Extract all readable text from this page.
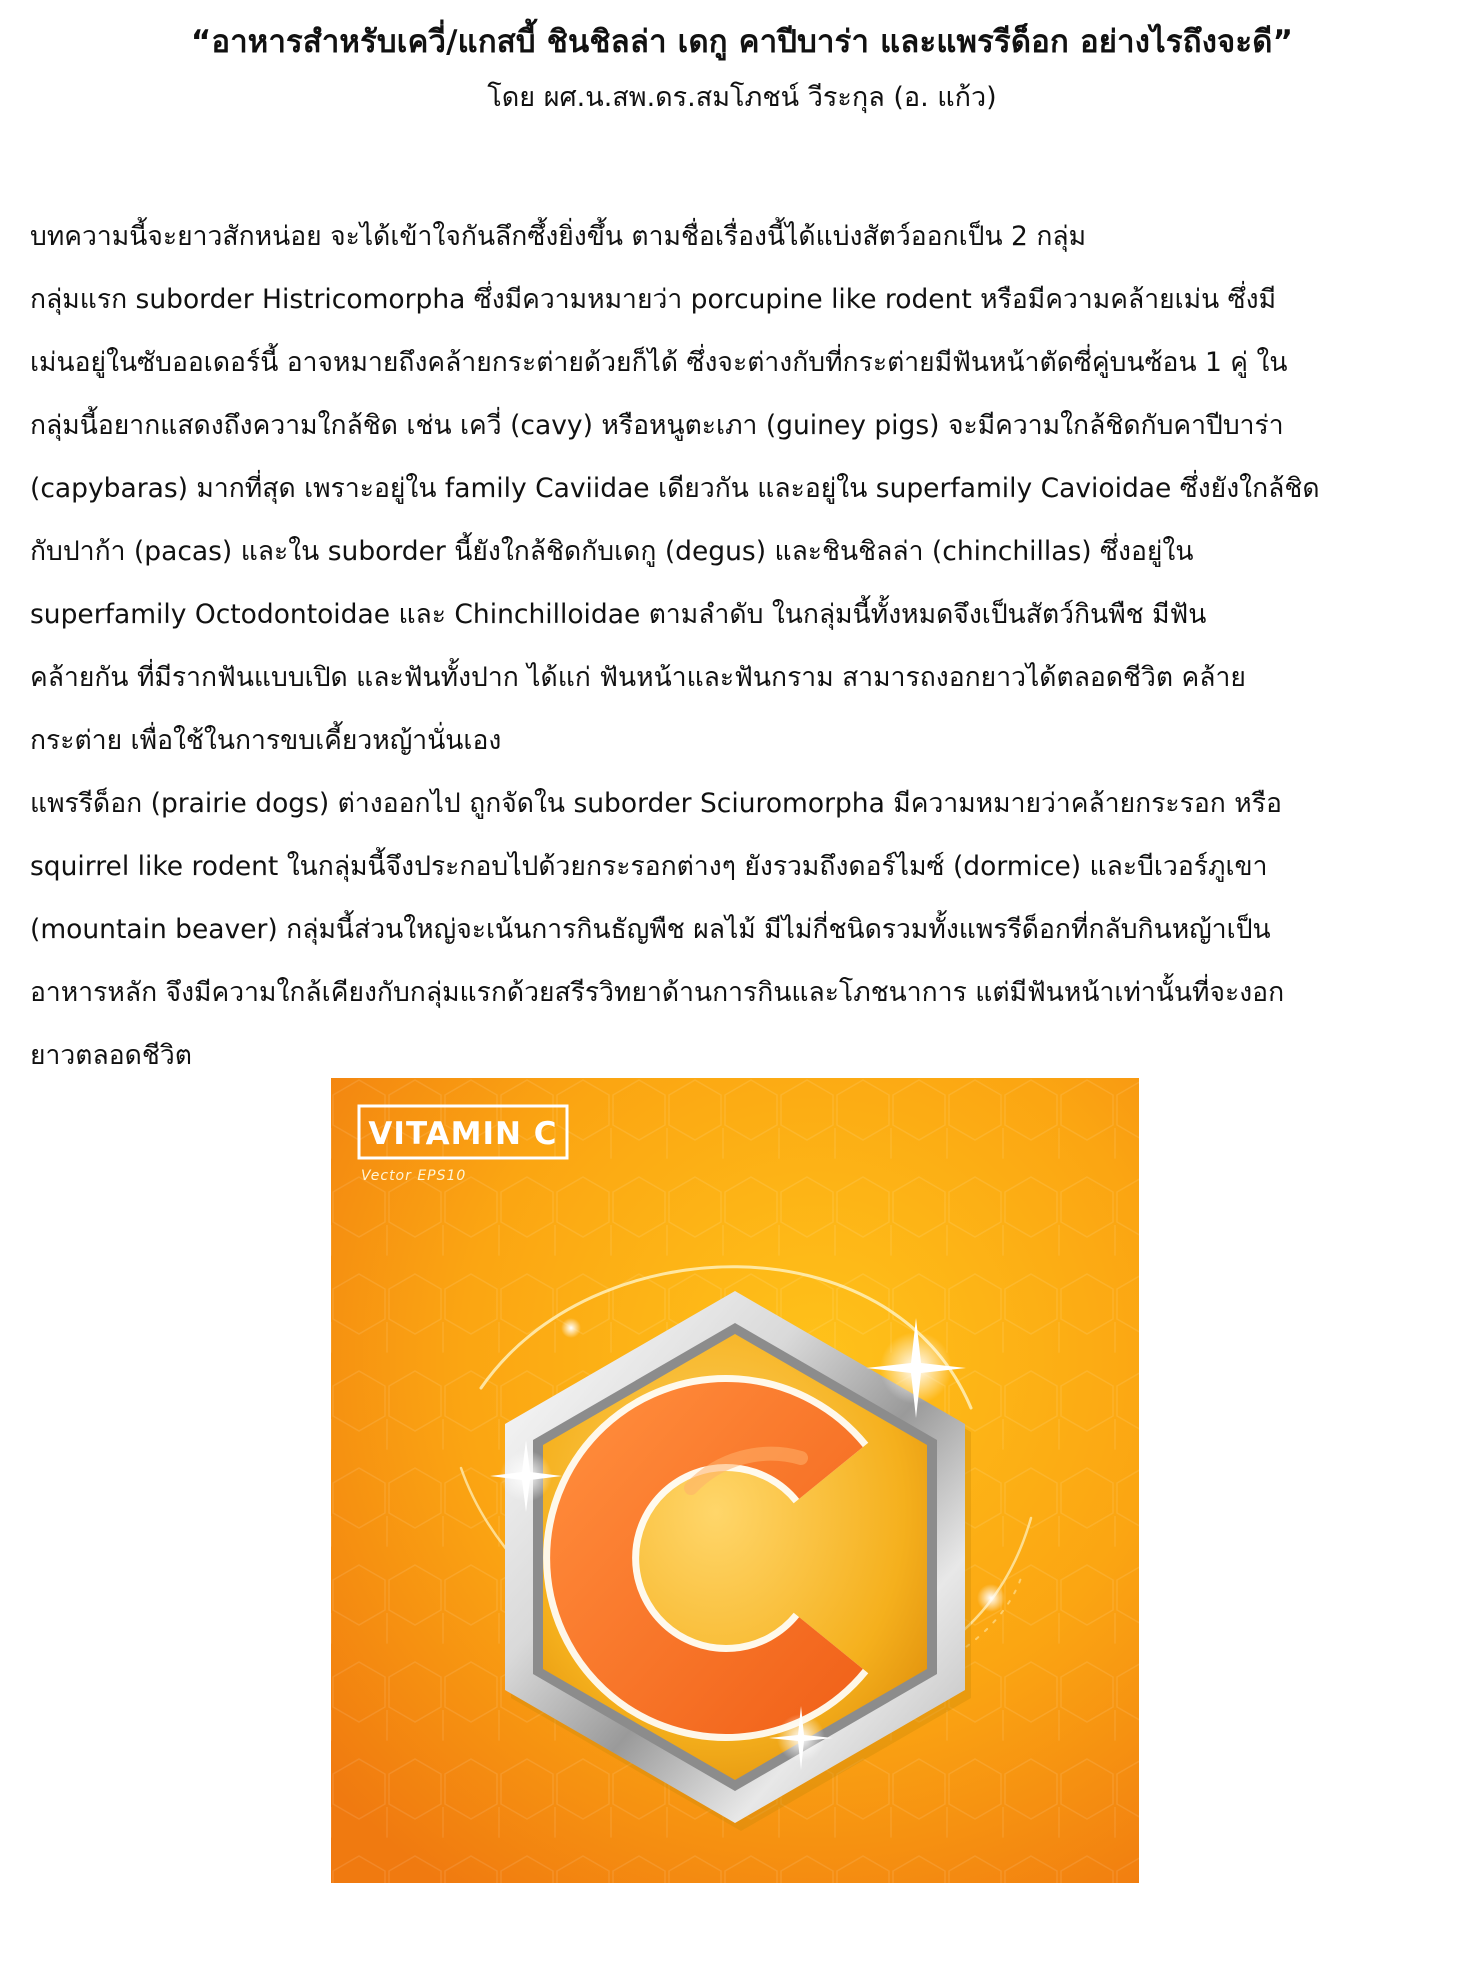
“อาหารสำหรับเควี่/แกสบี้ ชินชิลล่า เดกู คาปีบาร่า และแพรรีด็อก อย่างไรถึงจะดี”
โดย ผศ.น.สพ.ดร.สมโภชน์ วีระกุล (อ. แก้ว)
บทความนี้จะยาวสักหน่อย จะได้เข้าใจกันลึกซึ้งยิ่งขึ้น ตามชื่อเรื่องนี้ได้แบ่งสัตว์ออกเป็น 2 กลุ่ม
กลุ่มแรก suborder Histricomorpha ซึ่งมีความหมายว่า porcupine like rodent หรือมีความคล้ายเม่น ซึ่งมี
เม่นอยู่ในซับออเดอร์นี้ อาจหมายถึงคล้ายกระต่ายด้วยก็ได้ ซึ่งจะต่างกับที่กระต่ายมีฟันหน้าตัดซี่คู่บนซ้อน 1 คู่ ใน
กลุ่มนี้อยากแสดงถึงความใกล้ชิด เช่น เควี่ (cavy) หรือหนูตะเภา (guiney pigs) จะมีความใกล้ชิดกับคาปีบาร่า
(capybaras) มากที่สุด เพราะอยู่ใน family Caviidae เดียวกัน และอยู่ใน superfamily Cavioidae ซึ่งยังใกล้ชิด
กับปาก้า (pacas) และใน suborder นี้ยังใกล้ชิดกับเดกู (degus) และชินชิลล่า (chinchillas) ซึ่งอยู่ใน
superfamily Octodontoidae และ Chinchilloidae ตามลำดับ ในกลุ่มนี้ทั้งหมดจึงเป็นสัตว์กินพืช มีฟัน
คล้ายกัน ที่มีรากฟันแบบเปิด และฟันทั้งปาก ได้แก่ ฟันหน้าและฟันกราม สามารถงอกยาวได้ตลอดชีวิต คล้าย
กระต่าย เพื่อใช้ในการขบเคี้ยวหญ้านั่นเอง
แพรรีด็อก (prairie dogs) ต่างออกไป ถูกจัดใน suborder Sciuromorpha มีความหมายว่าคล้ายกระรอก หรือ
squirrel like rodent ในกลุ่มนี้จึงประกอบไปด้วยกระรอกต่างๆ ยังรวมถึงดอร์ไมซ์ (dormice) และบีเวอร์ภูเขา
(mountain beaver) กลุ่มนี้ส่วนใหญ่จะเน้นการกินธัญพืช ผลไม้ มีไม่กี่ชนิดรวมทั้งแพรรีด็อกที่กลับกินหญ้าเป็น
อาหารหลัก จึงมีความใกล้เคียงกับกลุ่มแรกด้วยสรีรวิทยาด้านการกินและโภชนาการ แต่มีฟันหน้าเท่านั้นที่จะงอก
ยาวตลอดชีวิต
VITAMIN C
Vector EPS10
